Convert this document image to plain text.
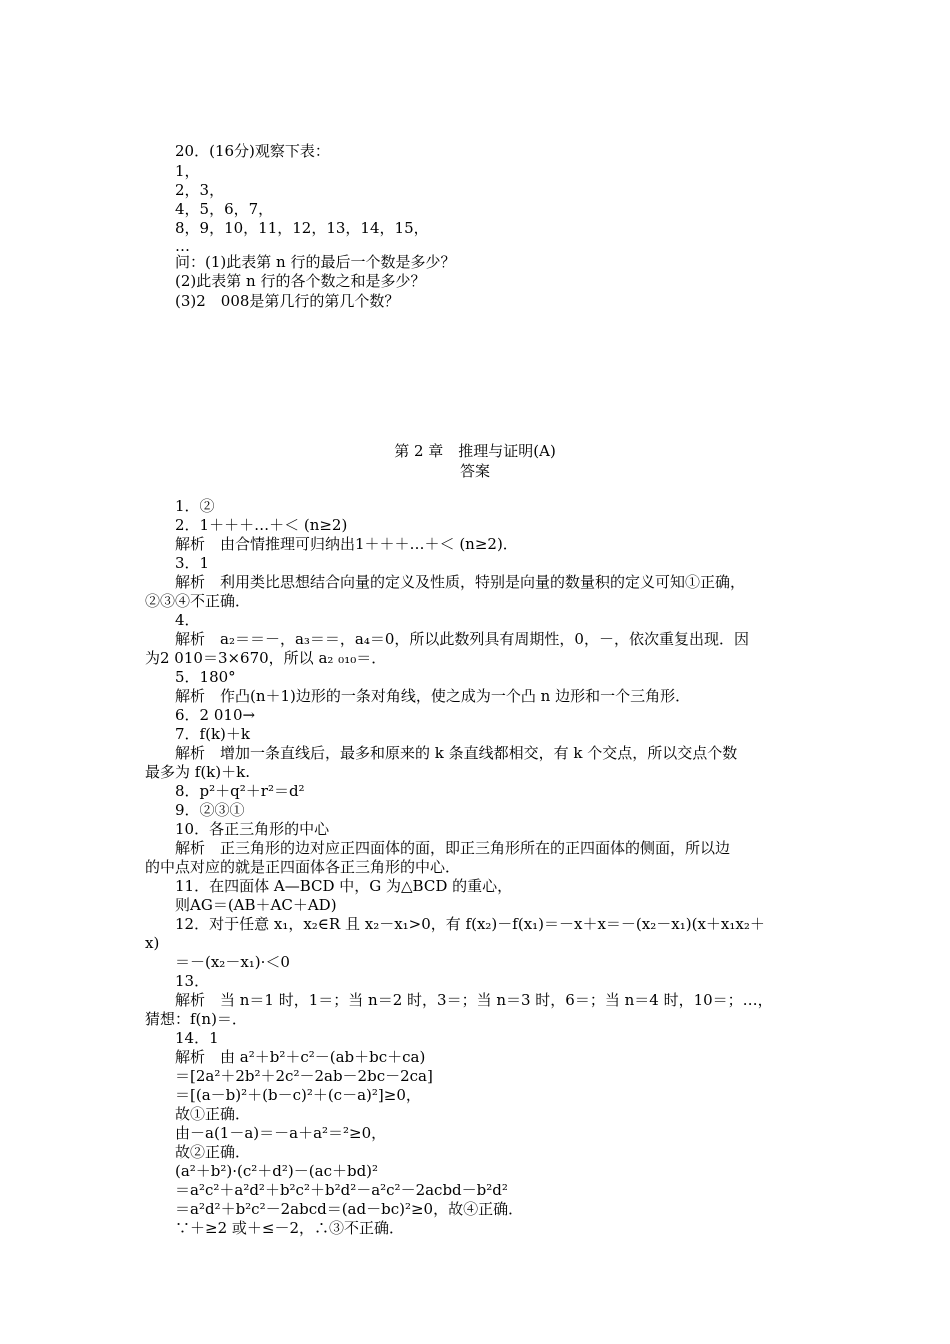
20．(16分)观察下表：
1，
2，3，
4，5，6，7，
8，9，10，11，12，13，14，15，
…
问：(1)此表第 n 行的最后一个数是多少？
(2)此表第 n 行的各个数之和是多少？
(3)2　008是第几行的第几个数？
第 2 章　推理与证明(A)
答案
1．②
2．1＋＋＋…＋＜ (n≥2)
解析　由合情推理可归纳出1＋＋＋…＋＜ (n≥2)．
3．1
解析　利用类比思想结合向量的定义及性质，特别是向量的数量积的定义可知①正确，
②③④不正确．
4．
解析　a₂＝＝－，a₃＝＝，a₄＝0，所以此数列具有周期性，0，－，依次重复出现．因
为2 010＝3×670，所以 a₂ ₀₁₀＝．
5．180°
解析　作凸(n＋1)边形的一条对角线，使之成为一个凸 n 边形和一个三角形．
6．2 010→
7．f(k)＋k
解析　增加一条直线后，最多和原来的 k 条直线都相交，有 k 个交点，所以交点个数
最多为 f(k)＋k.
8．p²＋q²＋r²＝d²
9．②③①
10．各正三角形的中心
解析　正三角形的边对应正四面体的面，即正三角形所在的正四面体的侧面，所以边
的中点对应的就是正四面体各正三角形的中心．
11．在四面体 A—BCD 中，G 为△BCD 的重心，
则AG＝(AB＋AC＋AD)
12．对于任意 x₁，x₂∈R 且 x₂－x₁>0，有 f(x₂)－f(x₁)＝－x＋x＝－(x₂－x₁)(x＋x₁x₂＋
x)
＝－(x₂－x₁)·＜0
13．
解析　当 n＝1 时，1＝；当 n＝2 时，3＝；当 n＝3 时，6＝；当 n＝4 时，10＝；…，
猜想：f(n)＝．
14．1
解析　由 a²＋b²＋c²－(ab＋bc＋ca)
＝[2a²＋2b²＋2c²－2ab－2bc－2ca]
＝[(a－b)²＋(b－c)²＋(c－a)²]≥0，
故①正确．
由－a(1－a)＝－a＋a²＝²≥0，
故②正确．
(a²＋b²)·(c²＋d²)－(ac＋bd)²
＝a²c²＋a²d²＋b²c²＋b²d²－a²c²－2acbd－b²d²
＝a²d²＋b²c²－2abcd＝(ad－bc)²≥0，故④正确．
∵＋≥2 或＋≤－2，∴③不正确．
